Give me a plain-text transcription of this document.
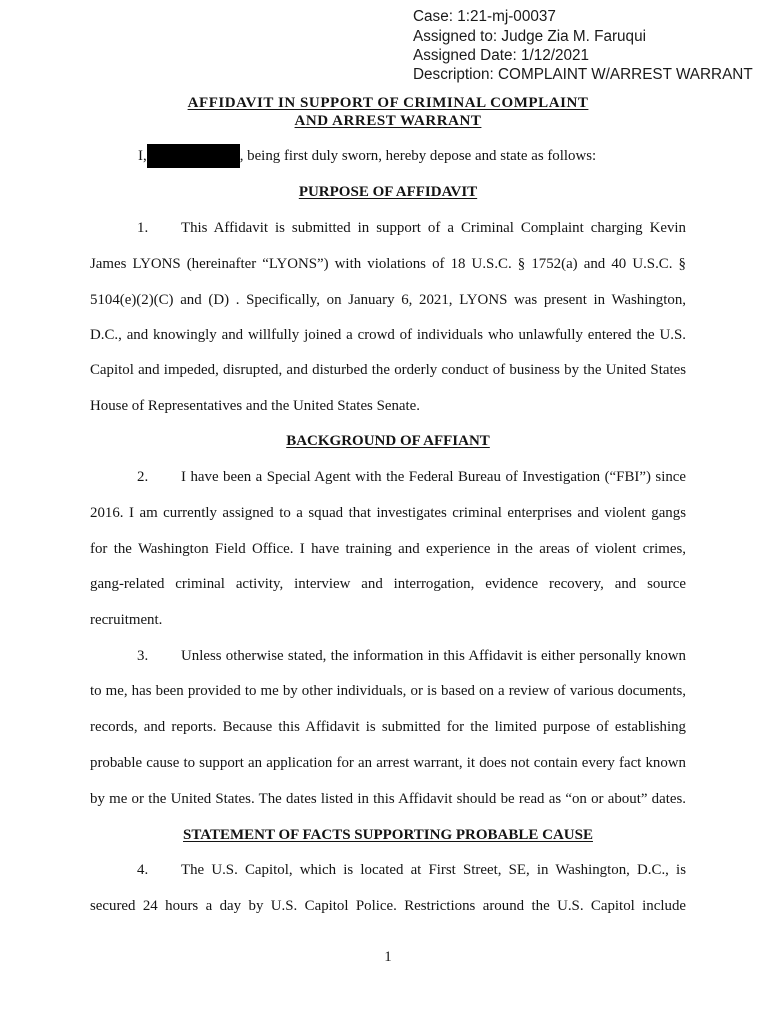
Case: 1:21-mj-00037
Assigned to: Judge Zia M. Faruqui
Assigned Date: 1/12/2021
Description: COMPLAINT W/ARREST WARRANT
AFFIDAVIT IN SUPPORT OF CRIMINAL COMPLAINT
AND ARREST WARRANT
I,	, being first duly sworn, hereby depose and state as follows:
PURPOSE OF AFFIDAVIT
1.	This Affidavit is submitted in support of a Criminal Complaint charging Kevin
James LYONS (hereinafter “LYONS”) with violations of 18 U.S.C. § 1752(a) and 40 U.S.C. §
5104(e)(2)(C) and (D) . Specifically, on January 6, 2021, LYONS was present in Washington,
D.C., and knowingly and willfully joined a crowd of individuals who unlawfully entered the U.S.
Capitol and impeded, disrupted, and disturbed the orderly conduct of business by the United States
House of Representatives and the United States Senate.
BACKGROUND OF AFFIANT
2.	I have been a Special Agent with the Federal Bureau of Investigation (“FBI”) since
2016. I am currently assigned to a squad that investigates criminal enterprises and violent gangs
for the Washington Field Office. I have training and experience in the areas of violent crimes,
gang-related criminal activity, interview and interrogation, evidence recovery, and source
recruitment.
3.	Unless otherwise stated, the information in this Affidavit is either personally known
to me, has been provided to me by other individuals, or is based on a review of various documents,
records, and reports. Because this Affidavit is submitted for the limited purpose of establishing
probable cause to support an application for an arrest warrant, it does not contain every fact known
by me or the United States. The dates listed in this Affidavit should be read as “on or about” dates.
STATEMENT OF FACTS SUPPORTING PROBABLE CAUSE
4.	The U.S. Capitol, which is located at First Street, SE, in Washington, D.C., is
secured 24 hours a day by U.S. Capitol Police. Restrictions around the U.S. Capitol include
1
